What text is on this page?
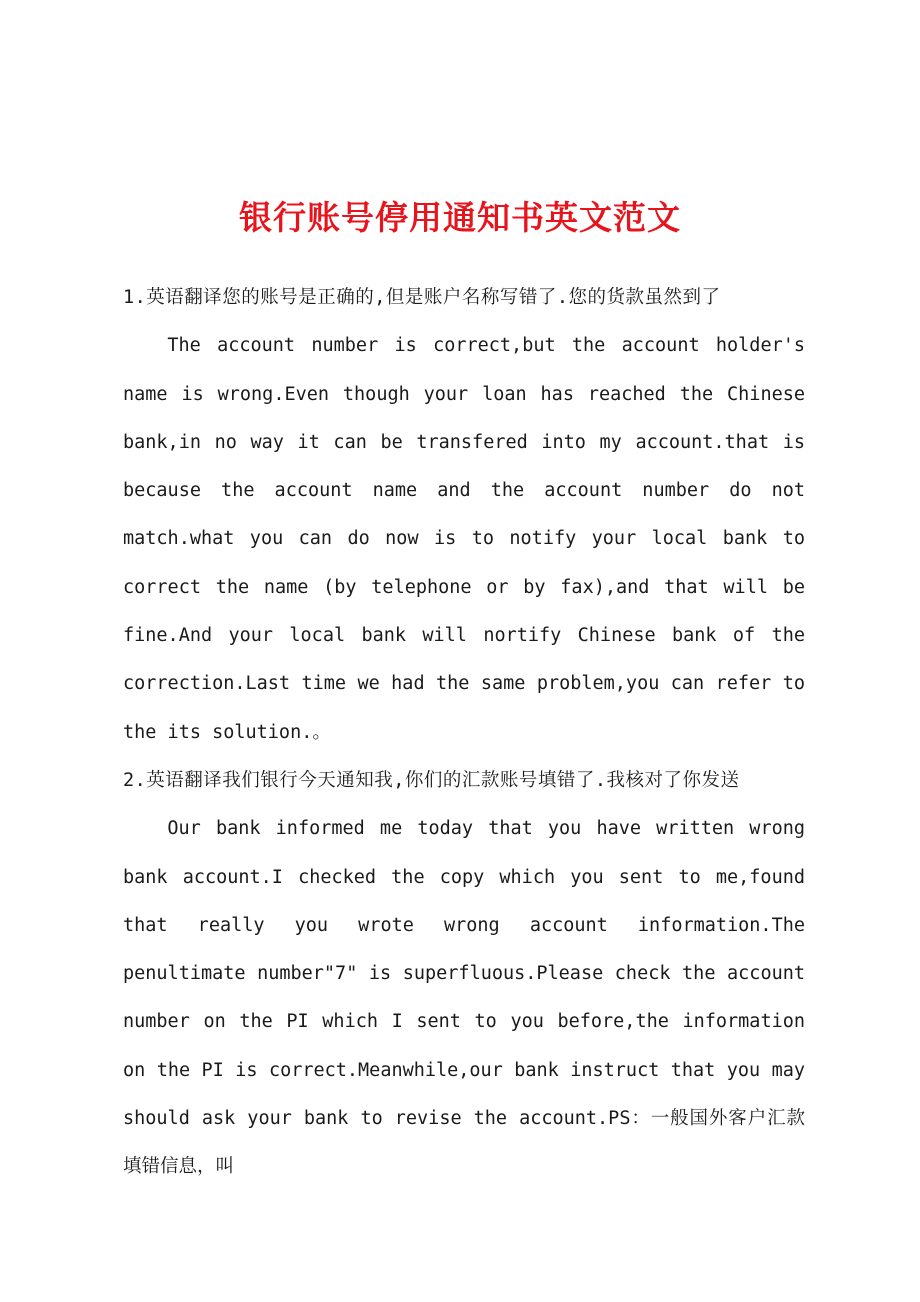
银行账号停用通知书英文范文

1.英语翻译您的账号是正确的,但是账户名称写错了.您的货款虽然到了

The account number is correct,but the account holder's name is wrong.Even though your loan has reached the Chinese bank,in no way it can be transfered into my account.that is because the account name and the account number do not match.what you can do now is to notify your local bank to correct the name (by telephone or by fax),and that will be fine.And your local bank will nortify Chinese bank of the correction.Last time we had the same problem,you can refer to the its solution.。

2.英语翻译我们银行今天通知我,你们的汇款账号填错了.我核对了你发送

Our bank informed me today that you have written wrong bank account.I checked the copy which you sent to me,found that really you wrote wrong account information.The penultimate number"7" is superfluous.Please check the account number on the PI which I sent to you before,the information on the PI is correct.Meanwhile,our bank instruct that you may should ask your bank to revise the account.PS：一般国外客户汇款填错信息，叫
